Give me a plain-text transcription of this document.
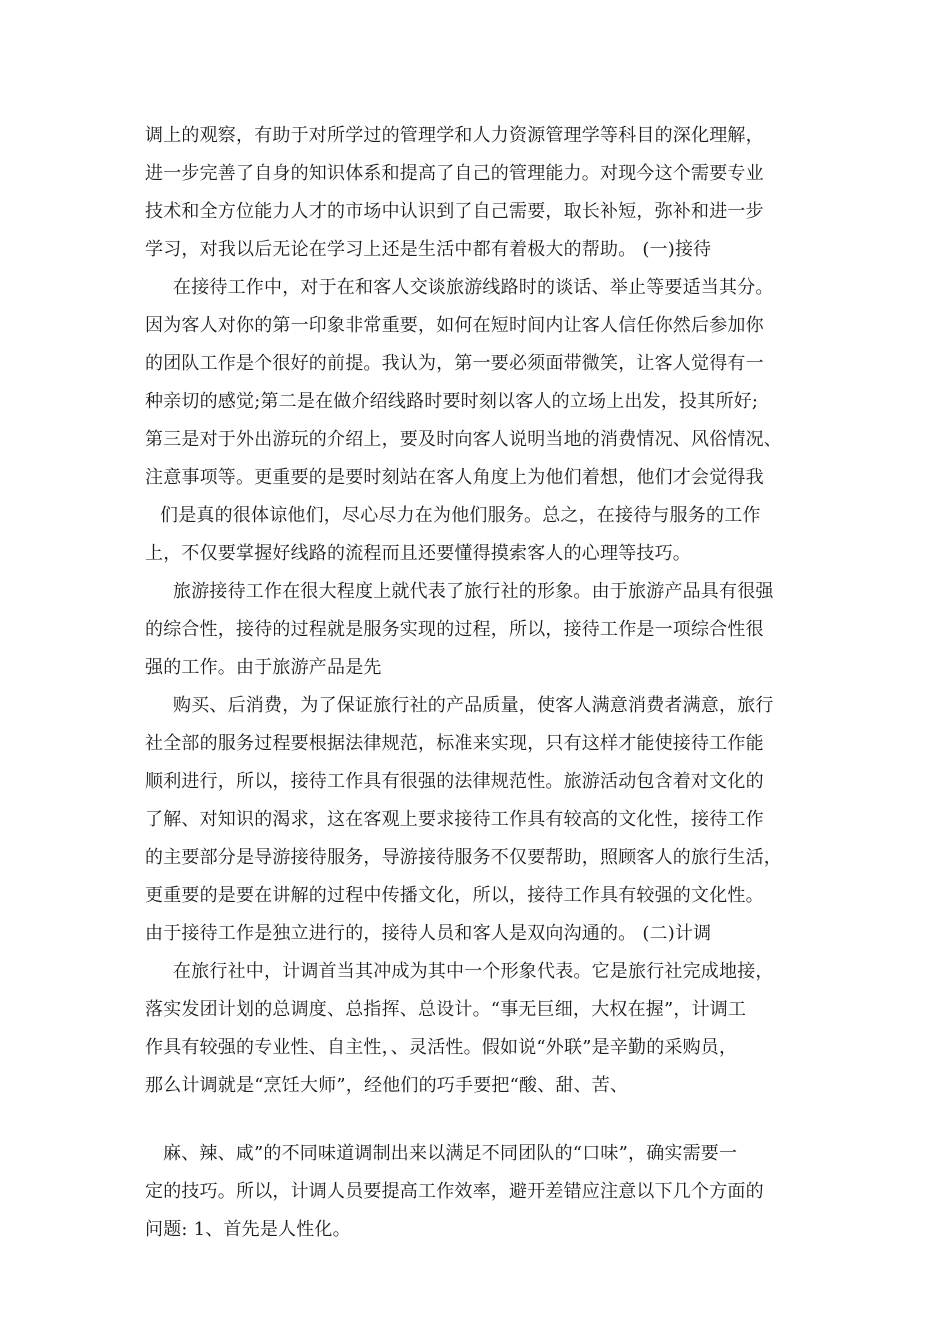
调上的观察，有助于对所学过的管理学和人力资源管理学等科目的深化理解，
进一步完善了自身的知识体系和提高了自己的管理能力。对现今这个需要专业
技术和全方位能力人才的市场中认识到了自己需要，取长补短，弥补和进一步
学习，对我以后无论在学习上还是生活中都有着极大的帮助。 (一)接待
在接待工作中，对于在和客人交谈旅游线路时的谈话、举止等要适当其分。
因为客人对你的第一印象非常重要，如何在短时间内让客人信任你然后参加你
的团队工作是个很好的前提。我认为，第一要必须面带微笑，让客人觉得有一
种亲切的感觉;第二是在做介绍线路时要时刻以客人的立场上出发，投其所好;
第三是对于外出游玩的介绍上，要及时向客人说明当地的消费情况、风俗情况、
注意事项等。更重要的是要时刻站在客人角度上为他们着想，他们才会觉得我
们是真的很体谅他们，尽心尽力在为他们服务。总之，在接待与服务的工作
上，不仅要掌握好线路的流程而且还要懂得摸索客人的心理等技巧。
旅游接待工作在很大程度上就代表了旅行社的形象。由于旅游产品具有很强
的综合性，接待的过程就是服务实现的过程，所以，接待工作是一项综合性很
强的工作。由于旅游产品是先
购买、后消费，为了保证旅行社的产品质量，使客人满意消费者满意，旅行
社全部的服务过程要根据法律规范，标准来实现，只有这样才能使接待工作能
顺利进行，所以，接待工作具有很强的法律规范性。旅游活动包含着对文化的
了解、对知识的渴求，这在客观上要求接待工作具有较高的文化性，接待工作
的主要部分是导游接待服务，导游接待服务不仅要帮助，照顾客人的旅行生活，
更重要的是要在讲解的过程中传播文化，所以，接待工作具有较强的文化性。
由于接待工作是独立进行的，接待人员和客人是双向沟通的。 (二)计调
在旅行社中，计调首当其冲成为其中一个形象代表。它是旅行社完成地接，
落实发团计划的总调度、总指挥、总设计。“事无巨细，大权在握”，计调工
作具有较强的专业性、自主性，、灵活性。假如说“外联”是辛勤的采购员，
那么计调就是“烹饪大师”，经他们的巧手要把“酸、甜、苦、
麻、辣、咸”的不同味道调制出来以满足不同团队的“口味”，确实需要一
定的技巧。所以，计调人员要提高工作效率，避开差错应注意以下几个方面的
问题: 1、首先是人性化。
